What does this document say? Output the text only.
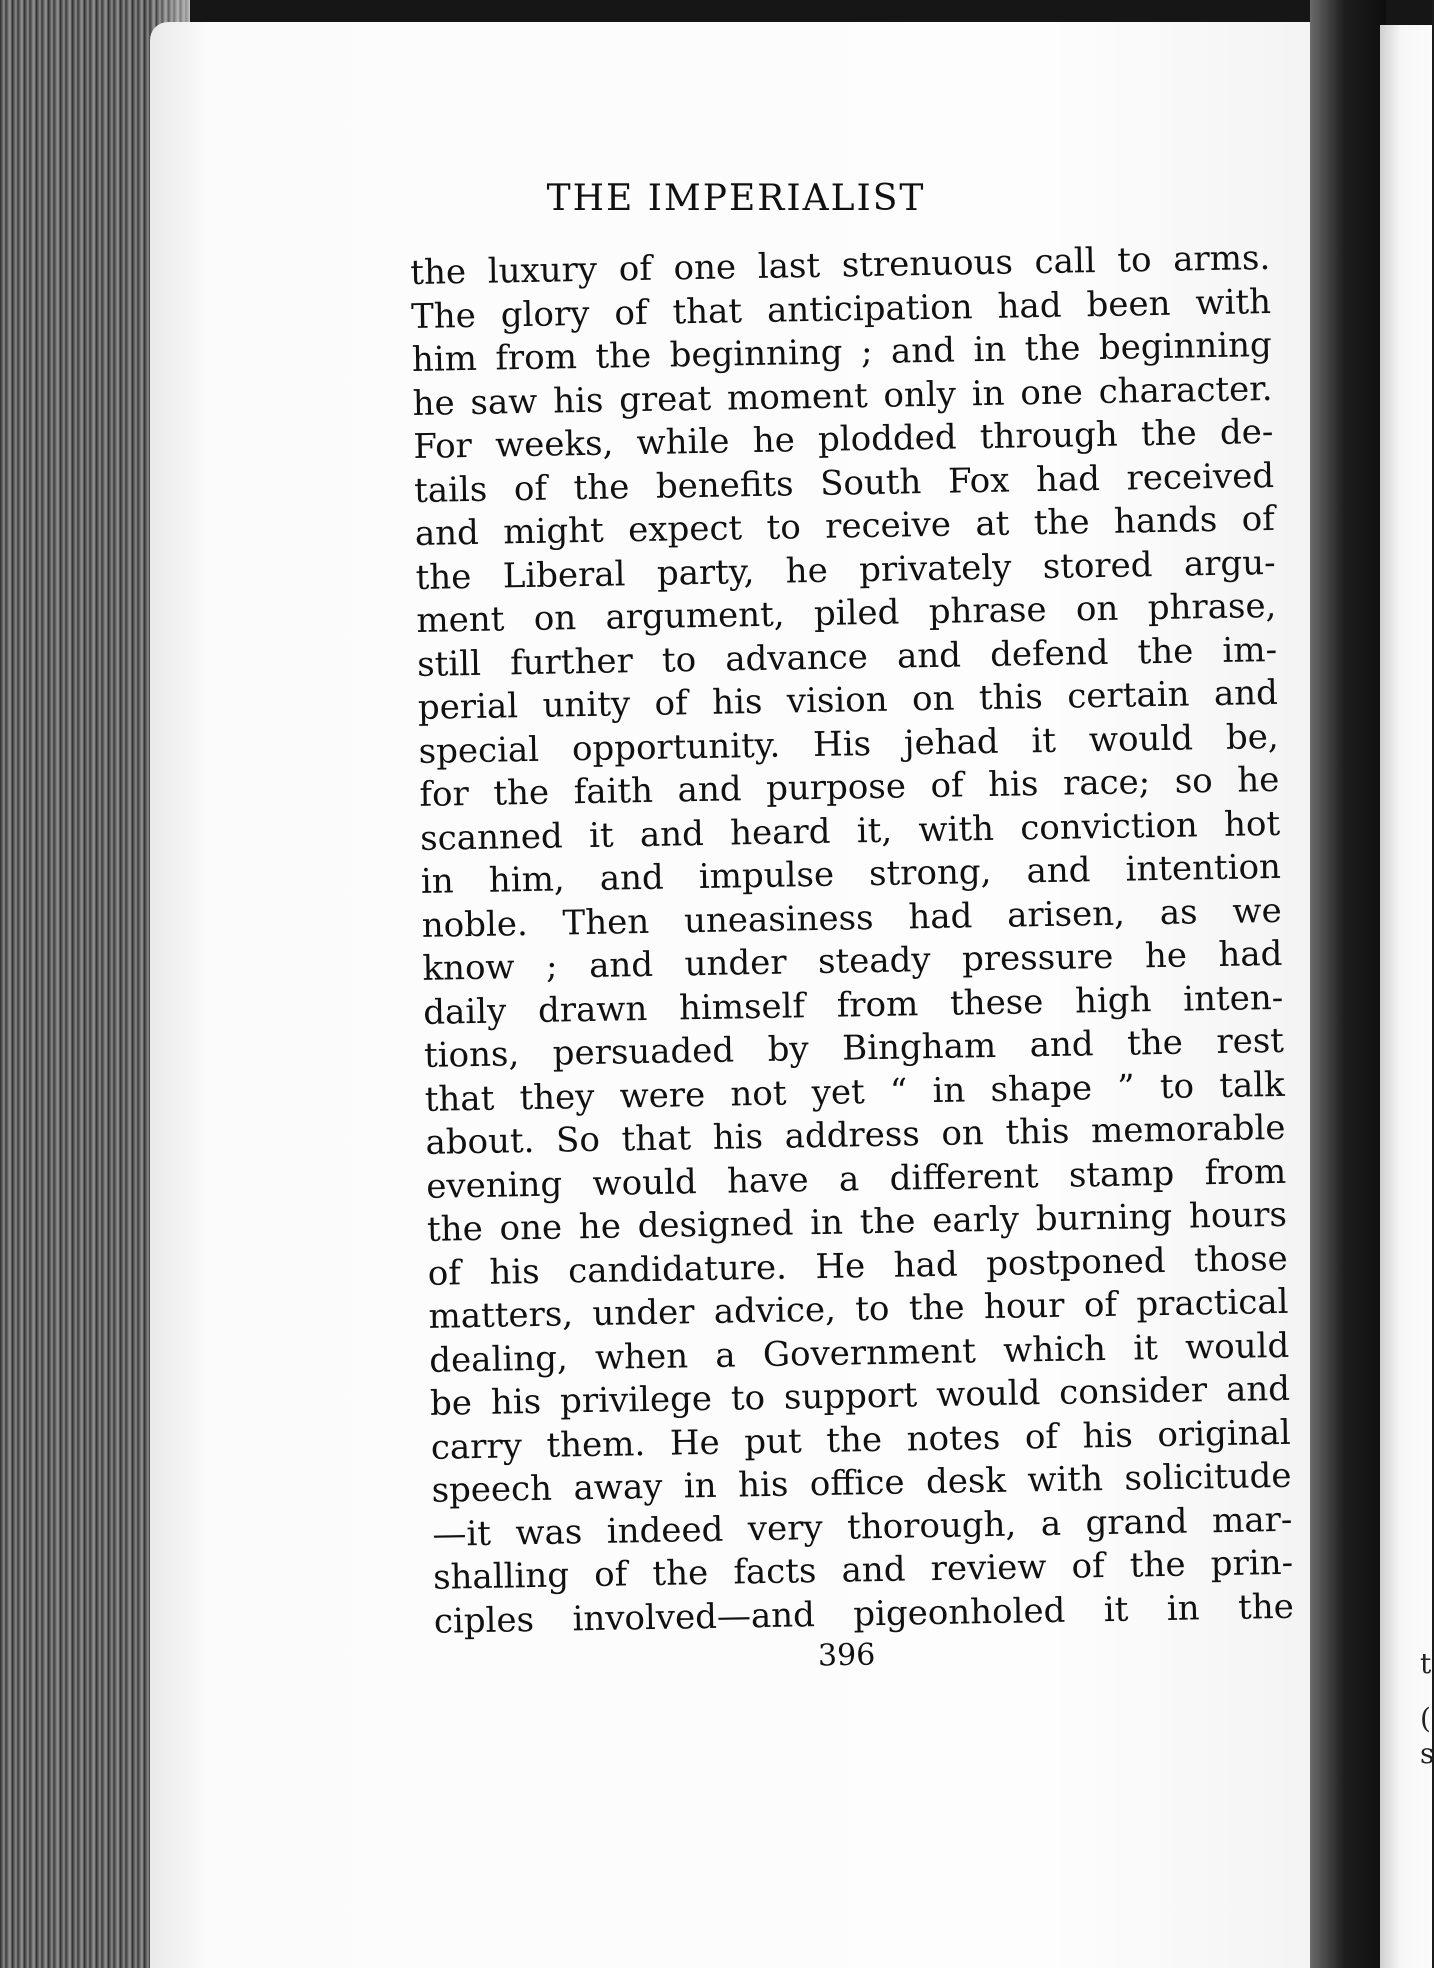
t
(
s
THE IMPERIALIST
the luxury of one last strenuous call to arms.
The glory of that anticipation had been with
him from the beginning ; and in the beginning
he saw his great moment only in one character.
For weeks, while he plodded through the de-
tails of the benefits South Fox had received
and might expect to receive at the hands of
the Liberal party, he privately stored argu-
ment on argument, piled phrase on phrase,
still further to advance and defend the im-
perial unity of his vision on this certain and
special opportunity. His jehad it would be,
for the faith and purpose of his race; so he
scanned it and heard it, with conviction hot
in him, and impulse strong, and intention
noble. Then uneasiness had arisen, as we
know ; and under steady pressure he had
daily drawn himself from these high inten-
tions, persuaded by Bingham and the rest
that they were not yet “ in shape ” to talk
about. So that his address on this memorable
evening would have a different stamp from
the one he designed in the early burning hours
of his candidature. He had postponed those
matters, under advice, to the hour of practical
dealing, when a Government which it would
be his privilege to support would consider and
carry them. He put the notes of his original
speech away in his office desk with solicitude
—it was indeed very thorough, a grand mar-
shalling of the facts and review of the prin-
ciples involved—and pigeonholed it in the
396
